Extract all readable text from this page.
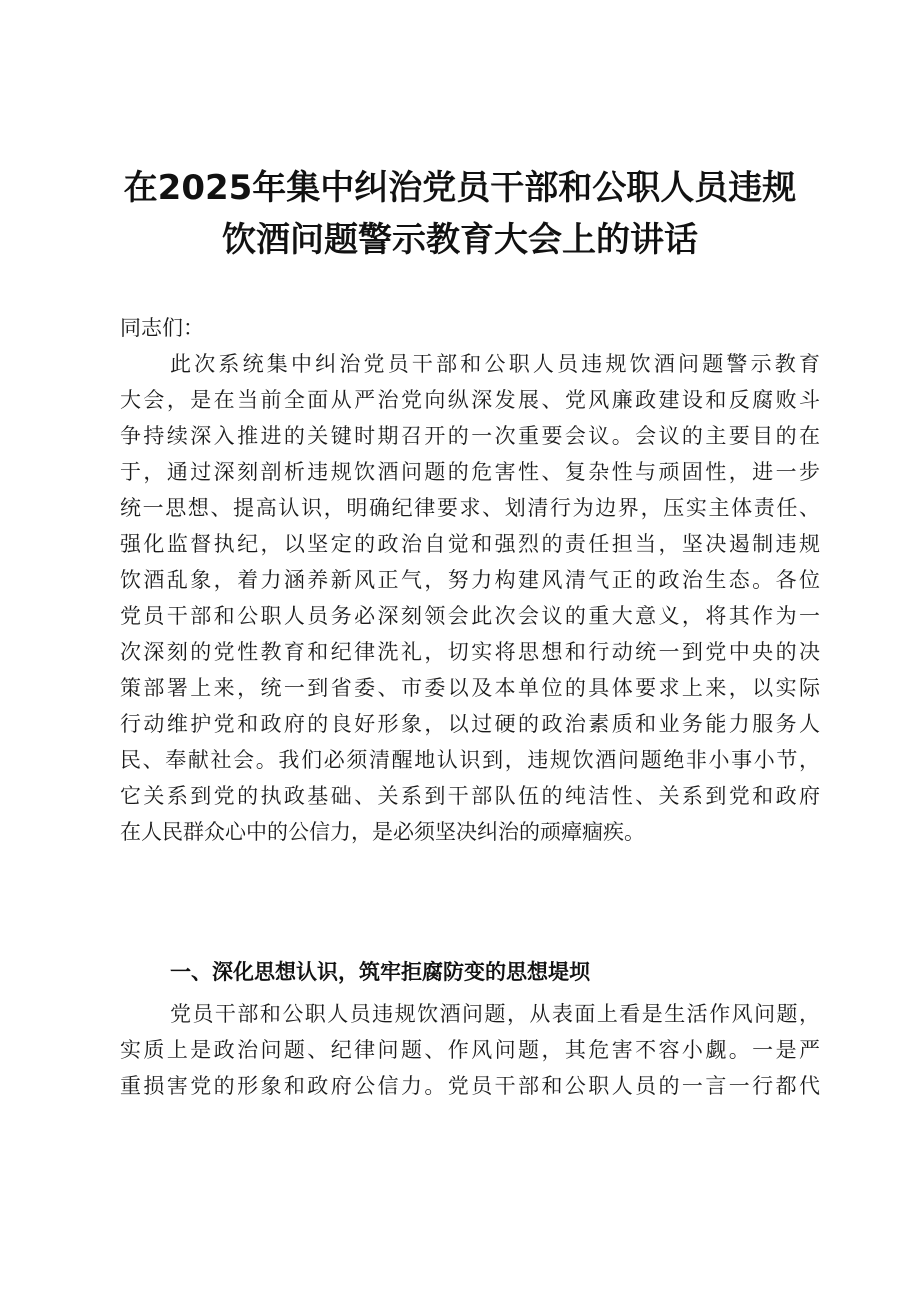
在2025年集中纠治党员干部和公职人员违规
饮酒问题警示教育大会上的讲话
同志们：
此次系统集中纠治党员干部和公职人员违规饮酒问题警示教育
大会，是在当前全面从严治党向纵深发展、党风廉政建设和反腐败斗
争持续深入推进的关键时期召开的一次重要会议。会议的主要目的在
于，通过深刻剖析违规饮酒问题的危害性、复杂性与顽固性，进一步
统一思想、提高认识，明确纪律要求、划清行为边界，压实主体责任、
强化监督执纪，以坚定的政治自觉和强烈的责任担当，坚决遏制违规
饮酒乱象，着力涵养新风正气，努力构建风清气正的政治生态。各位
党员干部和公职人员务必深刻领会此次会议的重大意义，将其作为一
次深刻的党性教育和纪律洗礼，切实将思想和行动统一到党中央的决
策部署上来，统一到省委、市委以及本单位的具体要求上来，以实际
行动维护党和政府的良好形象，以过硬的政治素质和业务能力服务人
民、奉献社会。我们必须清醒地认识到，违规饮酒问题绝非小事小节，
它关系到党的执政基础、关系到干部队伍的纯洁性、关系到党和政府
在人民群众心中的公信力，是必须坚决纠治的顽瘴痼疾。
一、深化思想认识，筑牢拒腐防变的思想堤坝
党员干部和公职人员违规饮酒问题，从表面上看是生活作风问题，
实质上是政治问题、纪律问题、作风问题，其危害不容小觑。一是严
重损害党的形象和政府公信力。党员干部和公职人员的一言一行都代
